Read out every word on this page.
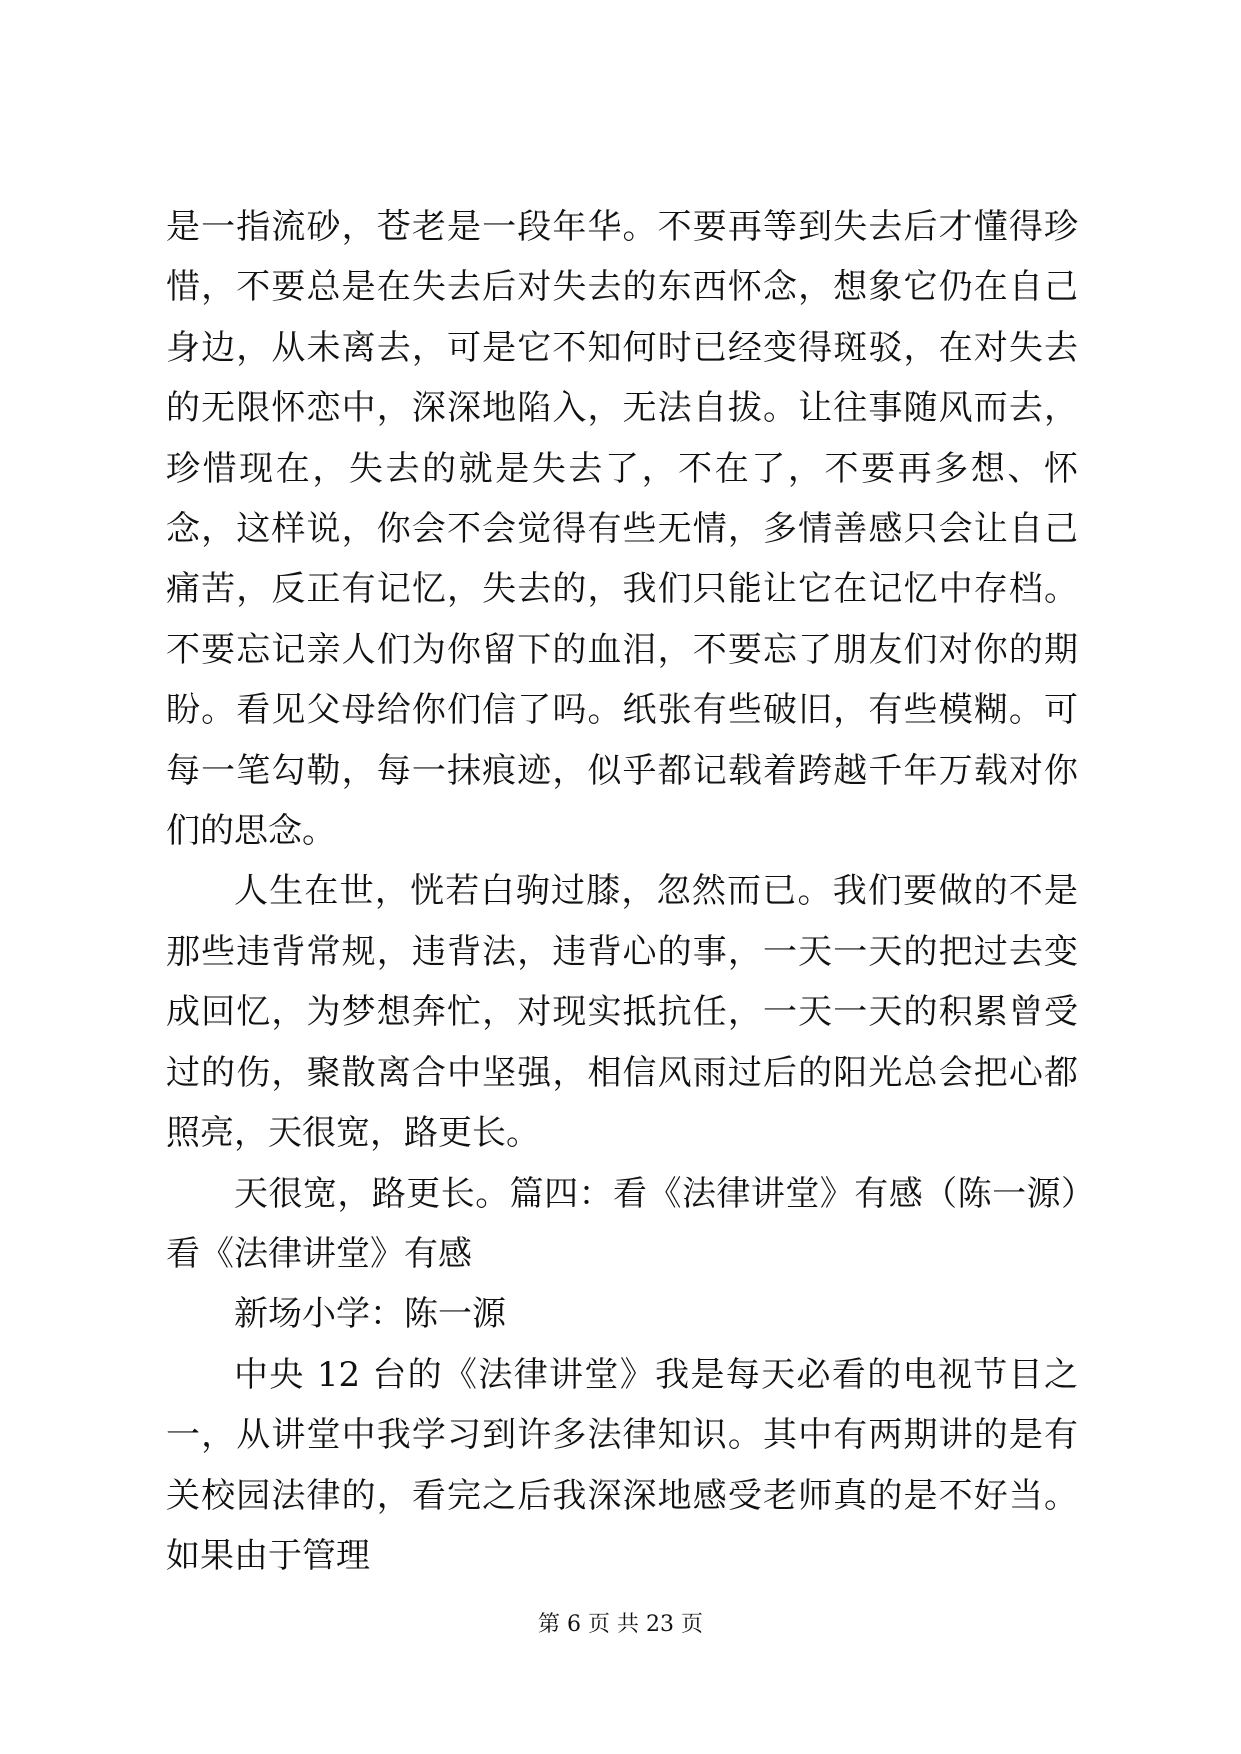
是一指流砂，苍老是一段年华。不要再等到失去后才懂得珍惜，不要总是在失去后对失去的东西怀念，想象它仍在自己身边，从未离去，可是它不知何时已经变得斑驳，在对失去的无限怀恋中，深深地陷入，无法自拔。让往事随风而去，珍惜现在，失去的就是失去了，不在了，不要再多想、怀念，这样说，你会不会觉得有些无情，多情善感只会让自己痛苦，反正有记忆，失去的，我们只能让它在记忆中存档。不要忘记亲人们为你留下的血泪，不要忘了朋友们对你的期盼。看见父母给你们信了吗。纸张有些破旧，有些模糊。可每一笔勾勒，每一抹痕迹，似乎都记载着跨越千年万载对你们的思念。

人生在世，恍若白驹过膝，忽然而已。我们要做的不是那些违背常规，违背法，违背心的事，一天一天的把过去变成回忆，为梦想奔忙，对现实抵抗任，一天一天的积累曾受过的伤，聚散离合中坚强，相信风雨过后的阳光总会把心都照亮，天很宽，路更长。

天很宽，路更长。篇四：看《法律讲堂》有感（陈一源）看《法律讲堂》有感

新场小学：陈一源

中央 12 台的《法律讲堂》我是每天必看的电视节目之一，从讲堂中我学习到许多法律知识。其中有两期讲的是有关校园法律的，看完之后我深深地感受老师真的是不好当。如果由于管理

第 6 页 共 23 页
